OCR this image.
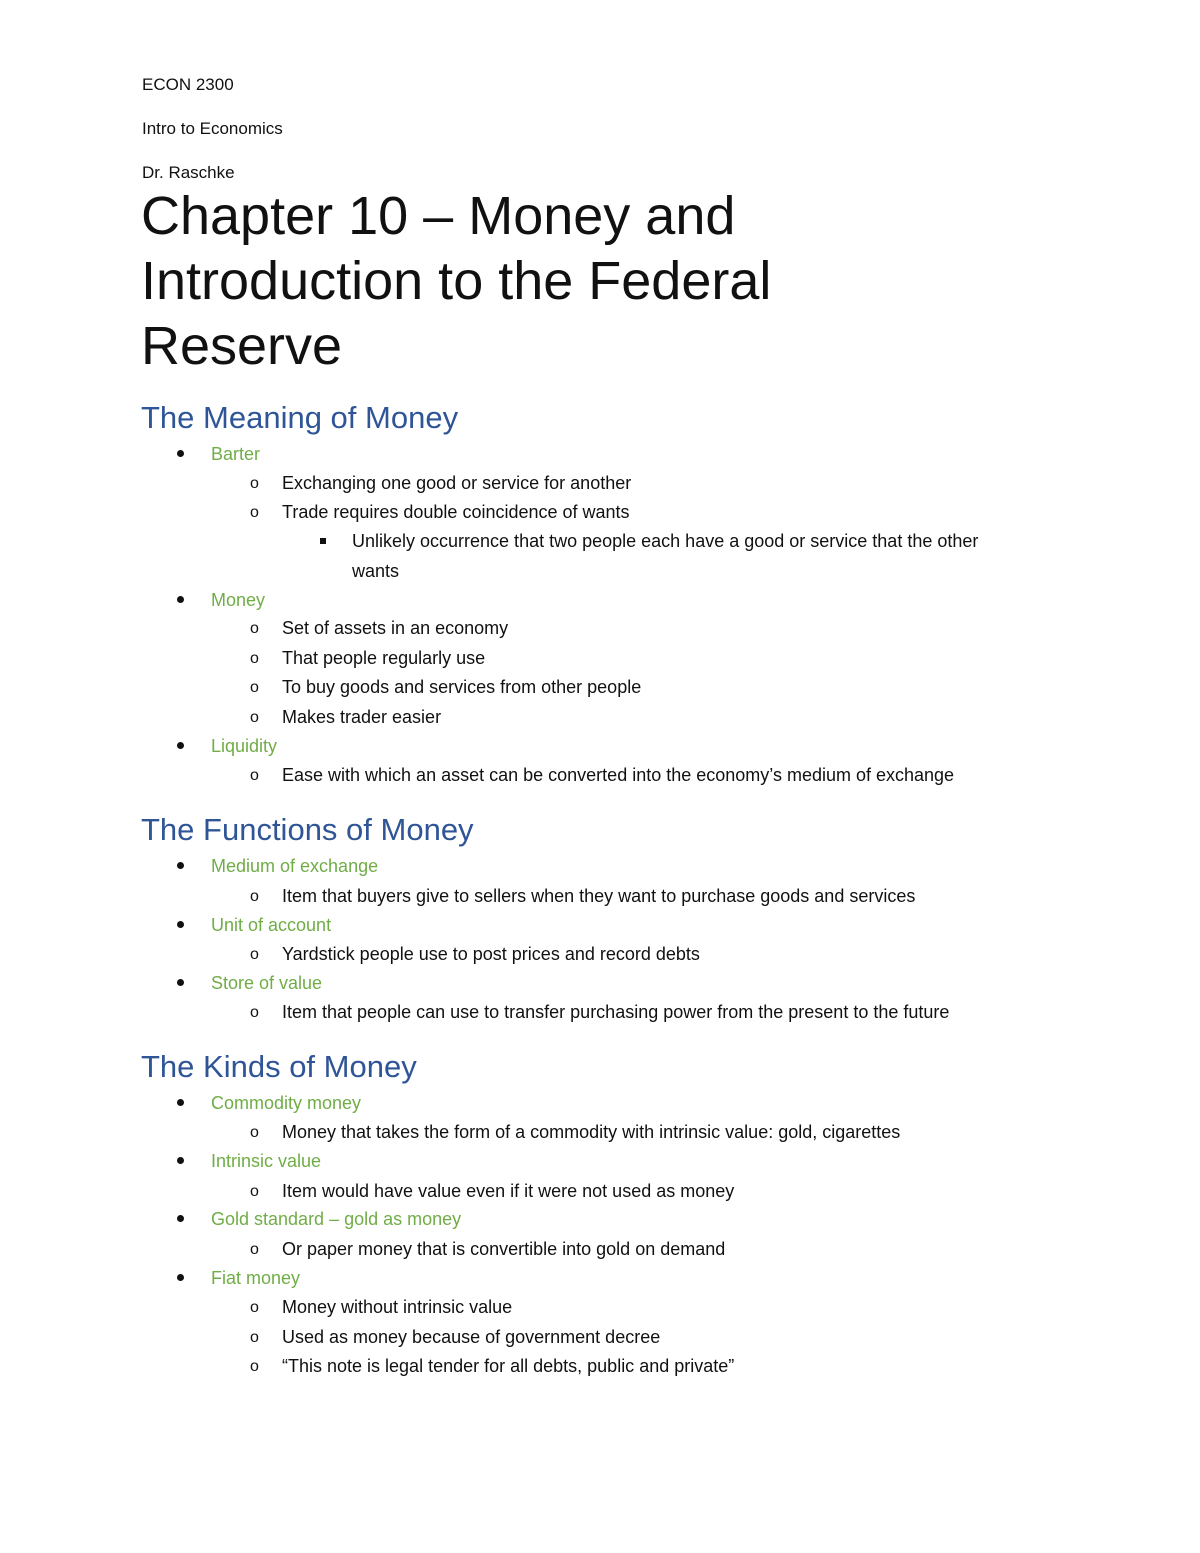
ECON 2300
Intro to Economics
Dr. Raschke
Chapter 10 – Money and
Introduction to the Federal
Reserve
The Meaning of Money
Barter
o Exchanging one good or service for another
o Trade requires double coincidence of wants
Unlikely occurrence that two people each have a good or service that the other
wants
Money
o Set of assets in an economy
o That people regularly use
o To buy goods and services from other people
o Makes trader easier
Liquidity
o Ease with which an asset can be converted into the economy’s medium of exchange
The Functions of Money
Medium of exchange
o Item that buyers give to sellers when they want to purchase goods and services
Unit of account
o Yardstick people use to post prices and record debts
Store of value
o Item that people can use to transfer purchasing power from the present to the future
The Kinds of Money
Commodity money
o Money that takes the form of a commodity with intrinsic value: gold, cigarettes
Intrinsic value
o Item would have value even if it were not used as money
Gold standard – gold as money
o Or paper money that is convertible into gold on demand
Fiat money
o Money without intrinsic value
o Used as money because of government decree
o “This note is legal tender for all debts, public and private”
